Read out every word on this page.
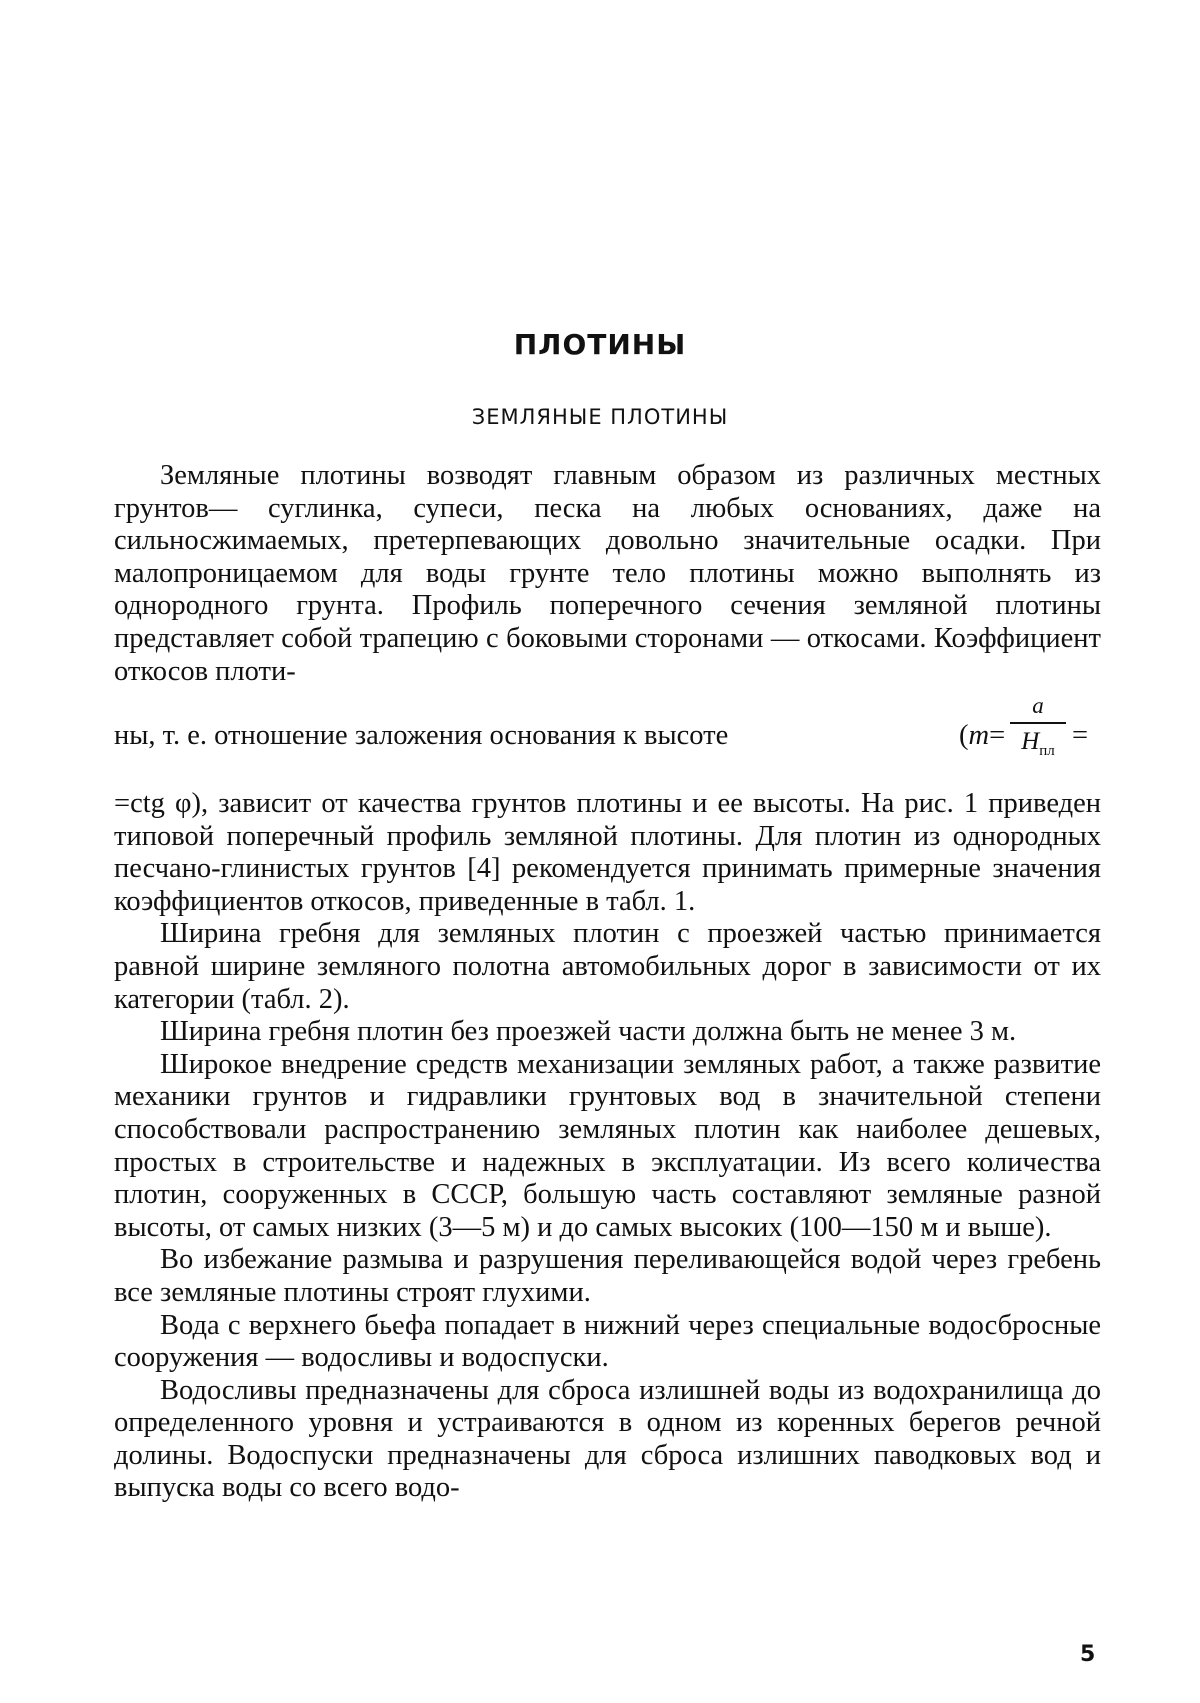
ПЛОТИНЫ
ЗЕМЛЯНЫЕ ПЛОТИНЫ

Земляные плотины возводят главным образом из различных местных грунтов— суглинка, супеси, песка на любых основаниях, даже на сильносжимаемых, претерпевающих довольно значительные осадки. При малопроницаемом для воды грунте тело плотины можно выполнять из однородного грунта. Профиль поперечного сечения земляной плотины представляет собой трапецию с боковыми сторонами — откосами. Коэффициент откосов плоти-

ны, т. е. отношение заложения основания к высоте	(m=
a
$H_{пл}$ =

=ctg φ), зависит от качества грунтов плотины и ее высоты. На рис. 1 приведен типовой поперечный профиль земляной плотины. Для плотин из однородных песчано-глинистых грунтов [4] рекомендуется принимать примерные значения коэффициентов откосов, приведенные в табл. 1.

Ширина гребня для земляных плотин с проезжей частью принимается равной ширине земляного полотна автомобильных дорог в зависимости от их категории (табл. 2).

Ширина гребня плотин без проезжей части должна быть не менее 3 м.

Широкое внедрение средств механизации земляных работ, а также развитие механики грунтов и гидравлики грунтовых вод в значительной степени способствовали распространению земляных плотин как наиболее дешевых, простых в строительстве и надежных в эксплуатации. Из всего количества плотин, сооруженных в СССР, большую часть составляют земляные разной высоты, от самых низких (3—5 м) и до самых высоких (100—150 м и выше).

Во избежание размыва и разрушения переливающейся водой через гребень все земляные плотины строят глухими.

Вода с верхнего бьефа попадает в нижний через специальные водосбросные сооружения — водосливы и водоспуски.

Водосливы предназначены для сброса излишней воды из водохранилища до определенного уровня и устраиваются в одном из коренных берегов речной долины. Водоспуски предназначены для сброса излишних паводковых вод и выпуска воды со всего водо-

5
